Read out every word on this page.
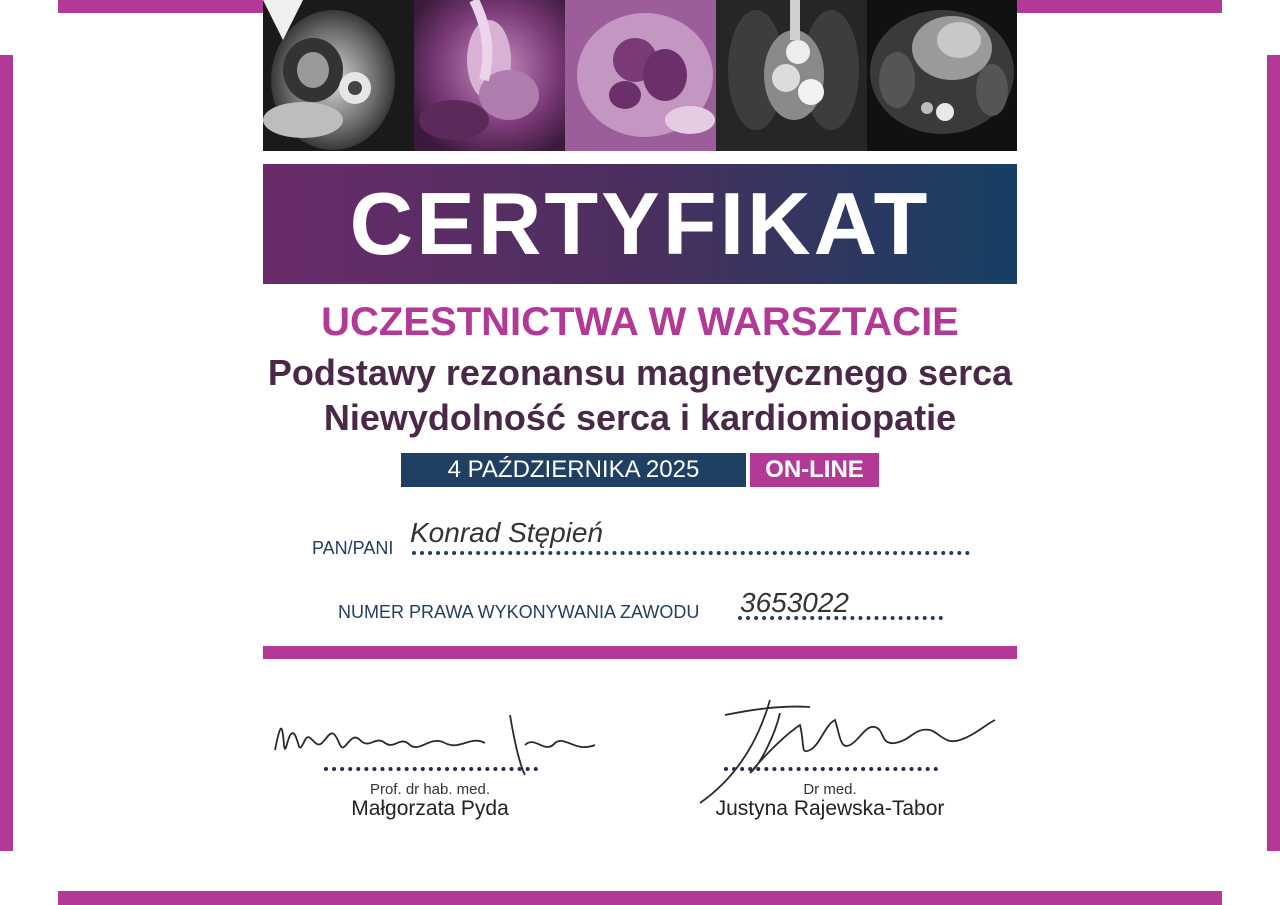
CERTYFIKAT
UCZESTNICTWA W WARSZTACIE
Podstawy rezonansu magnetycznego serca
Niewydolność serca i kardiomiopatie
4 PAŹDZIERNIKA 2025	ON-LINE
PAN/PANI Konrad Stępień
NUMER PRAWA WYKONYWANIA ZAWODU 3653022
Prof. dr hab. med.
Małgorzata Pyda
Dr med.
Justyna Rajewska-Tabor
